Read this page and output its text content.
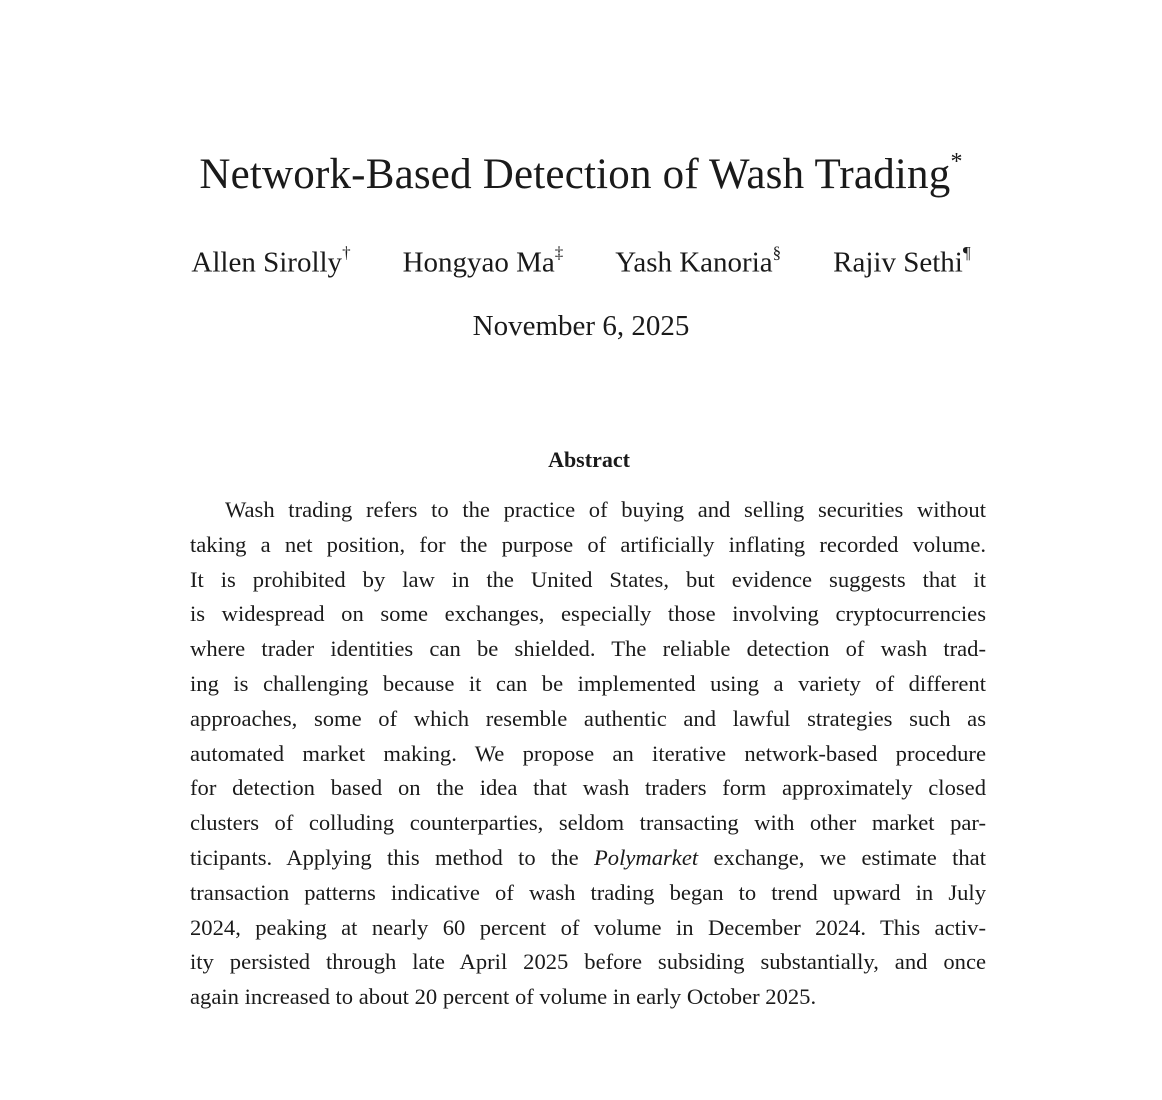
Network-Based Detection of Wash Trading*
Allen Sirolly† Hongyao Ma‡ Yash Kanoria§ Rajiv Sethi¶
November 6, 2025
Abstract
Wash trading refers to the practice of buying and selling securities without
taking a net position, for the purpose of artificially inflating recorded volume.
It is prohibited by law in the United States, but evidence suggests that it
is widespread on some exchanges, especially those involving cryptocurrencies
where trader identities can be shielded. The reliable detection of wash trad-
ing is challenging because it can be implemented using a variety of different
approaches, some of which resemble authentic and lawful strategies such as
automated market making. We propose an iterative network-based procedure
for detection based on the idea that wash traders form approximately closed
clusters of colluding counterparties, seldom transacting with other market par-
ticipants. Applying this method to the Polymarket exchange, we estimate that
transaction patterns indicative of wash trading began to trend upward in July
2024, peaking at nearly 60 percent of volume in December 2024. This activ-
ity persisted through late April 2025 before subsiding substantially, and once
again increased to about 20 percent of volume in early October 2025.
